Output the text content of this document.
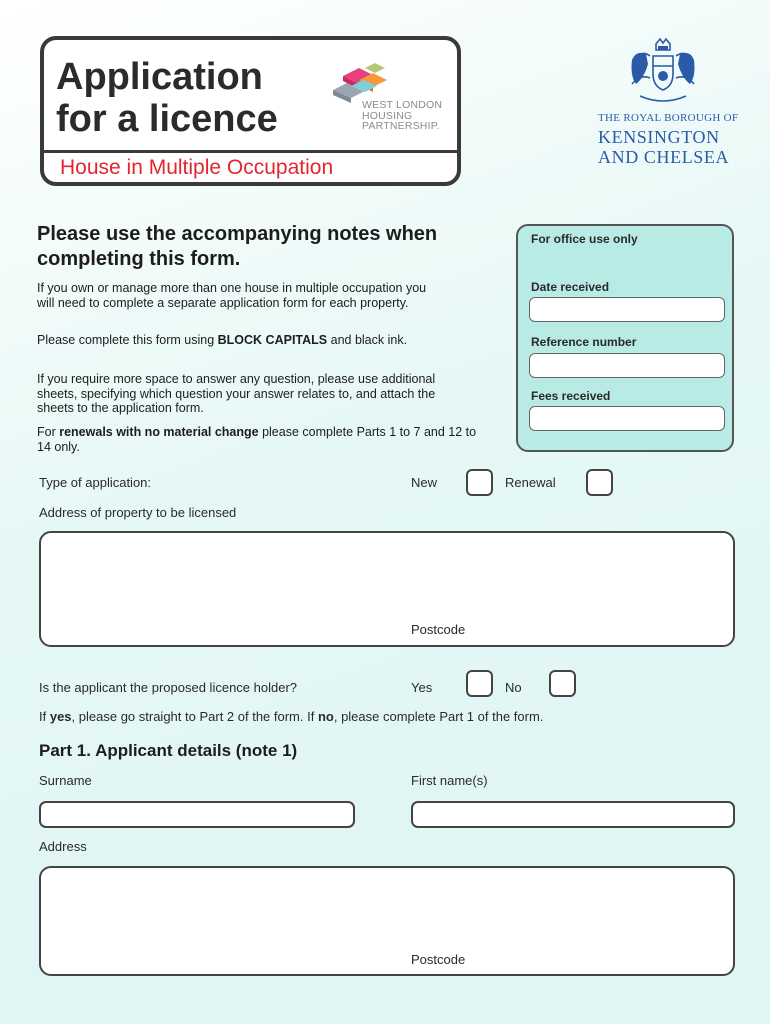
Application
for a licence	WEST LONDON
HOUSING
PARTNERSHIP.
House in Multiple Occupation
THE ROYAL BOROUGH OF
KENSINGTON
AND CHELSEA
Please use the accompanying notes when completing this form.
If you own or manage more than one house in multiple occupation you will need to complete a separate application form for each property.
Please complete this form using BLOCK CAPITALS and black ink.
If you require more space to answer any question, please use additional sheets, specifying which question your answer relates to, and attach the sheets to the application form.
For renewals with no material change please complete Parts 1 to 7 and 12 to 14 only.
For office use only
Date received
Reference number
Fees received
Type of application:	New	Renewal
Address of property to be licensed
Postcode
Is the applicant the proposed licence holder?	Yes	No
If yes, please go straight to Part 2 of the form. If no, please complete Part 1 of the form.
Part 1. Applicant details (note 1)
Surname	First name(s)
Address
Postcode
